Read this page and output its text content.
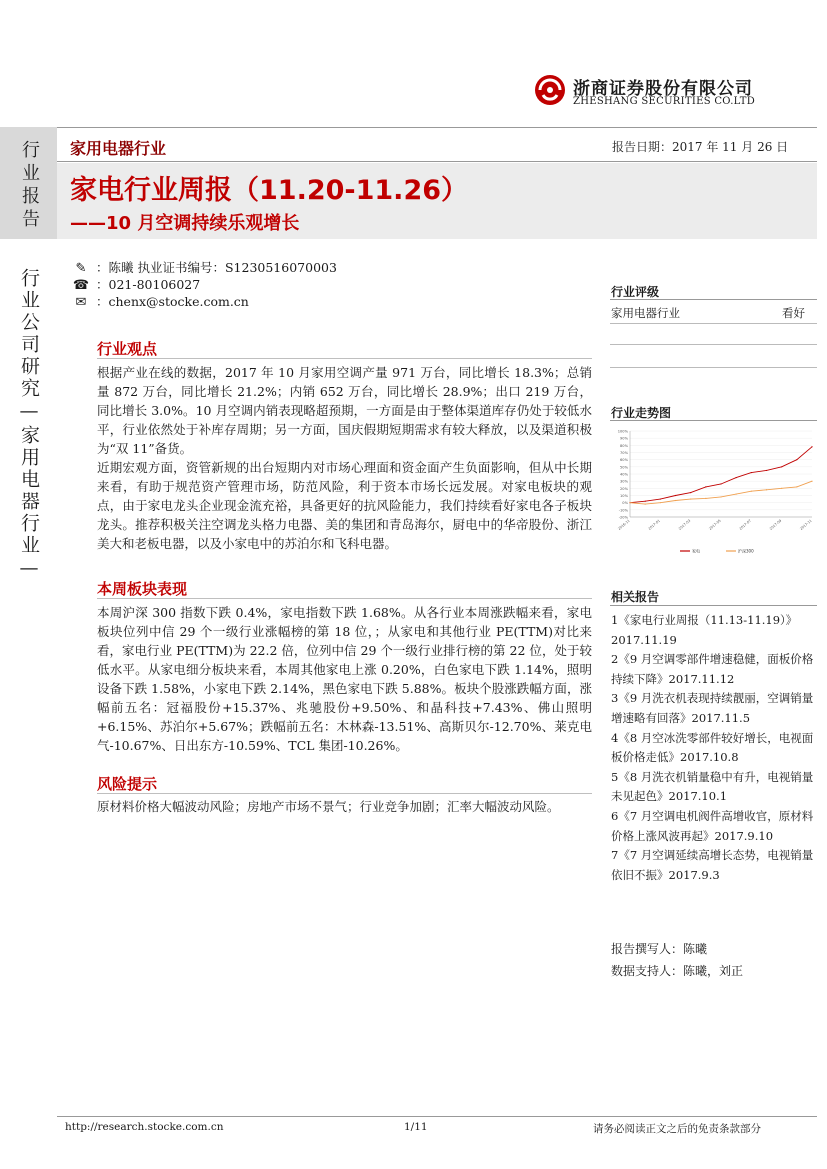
浙商证券股份有限公司
ZHESHANG SECURITIES CO.LTD
行业报告
行业公司研究—家用电器行业—
家用电器行业	报告日期：2017 年 11 月 26 日
家电行业周报（11.20-11.26）
——10 月空调持续乐观增长
✎ ：陈曦 执业证书编号：S1230516070003
☎ ：021-80106027
✉ ：chenx@stocke.com.cn
行业观点
根据产业在线的数据，2017 年 10 月家用空调产量 971 万台，同比增长 18.3%；总销量 872 万台，同比增长 21.2%；内销 652 万台，同比增长 28.9%；出口 219 万台，同比增长 3.0%。10 月空调内销表现略超预期，一方面是由于整体渠道库存仍处于较低水平，行业依然处于补库存周期；另一方面，国庆假期短期需求有较大释放，以及渠道积极为“双 11”备货。
近期宏观方面，资管新规的出台短期内对市场心理面和资金面产生负面影响，但从中长期来看，有助于规范资产管理市场，防范风险，利于资本市场长远发展。对家电板块的观点，由于家电龙头企业现金流充裕，具备更好的抗风险能力，我们持续看好家电各子板块龙头。推荐积极关注空调龙头格力电器、美的集团和青岛海尔，厨电中的华帝股份、浙江美大和老板电器，以及小家电中的苏泊尔和飞科电器。
本周板块表现
本周沪深 300 指数下跌 0.4%，家电指数下跌 1.68%。从各行业本周涨跌幅来看，家电板块位列中信 29 个一级行业涨幅榜的第 18 位，；从家电和其他行业 PE(TTM)对比来看，家电行业 PE(TTM)为 22.2 倍，位列中信 29 个一级行业排行榜的第 22 位，处于较低水平。从家电细分板块来看，本周其他家电上涨 0.20%，白色家电下跌 1.14%，照明设备下跌 1.58%，小家电下跌 2.14%，黑色家电下跌 5.88%。板块个股涨跌幅方面，涨幅前五名：冠福股份+15.37%、兆驰股份+9.50%、和晶科技+7.43%、佛山照明+6.15%、苏泊尔+5.67%；跌幅前五名：木林森-13.51%、高斯贝尔-12.70%、莱克电气-10.67%、日出东方-10.59%、TCL 集团-10.26%。
风险提示
原材料价格大幅波动风险；房地产市场不景气；行业竞争加剧；汇率大幅波动风险。
行业评级
家用电器行业	看好
行业走势图
100%
90%
80%
70%
60%
50%
40%
30%
20%
10%
0%
-10%
-20%
2016-11	2017-01	2017-03	2017-05	2017-07	2017-09	2017-11
家电	沪深300
相关报告

1《家电行业周报（11.13-11.19）》2017.11.19

2《9 月空调零部件增速稳健，面板价格持续下降》2017.11.12

3《9 月洗衣机表现持续靓丽，空调销量增速略有回落》2017.11.5

4《8 月空冰洗零部件较好增长，电视面板价格走低》2017.10.8

5《8 月洗衣机销量稳中有升，电视销量未见起色》2017.10.1

6《7 月空调电机阀件高增收官，原材料价格上涨风波再起》2017.9.10

7《7 月空调延续高增长态势，电视销量依旧不振》2017.9.3

报告撰写人：陈曦
数据支持人：陈曦，刘正
http://research.stocke.com.cn	1/11	请务必阅读正文之后的免责条款部分
